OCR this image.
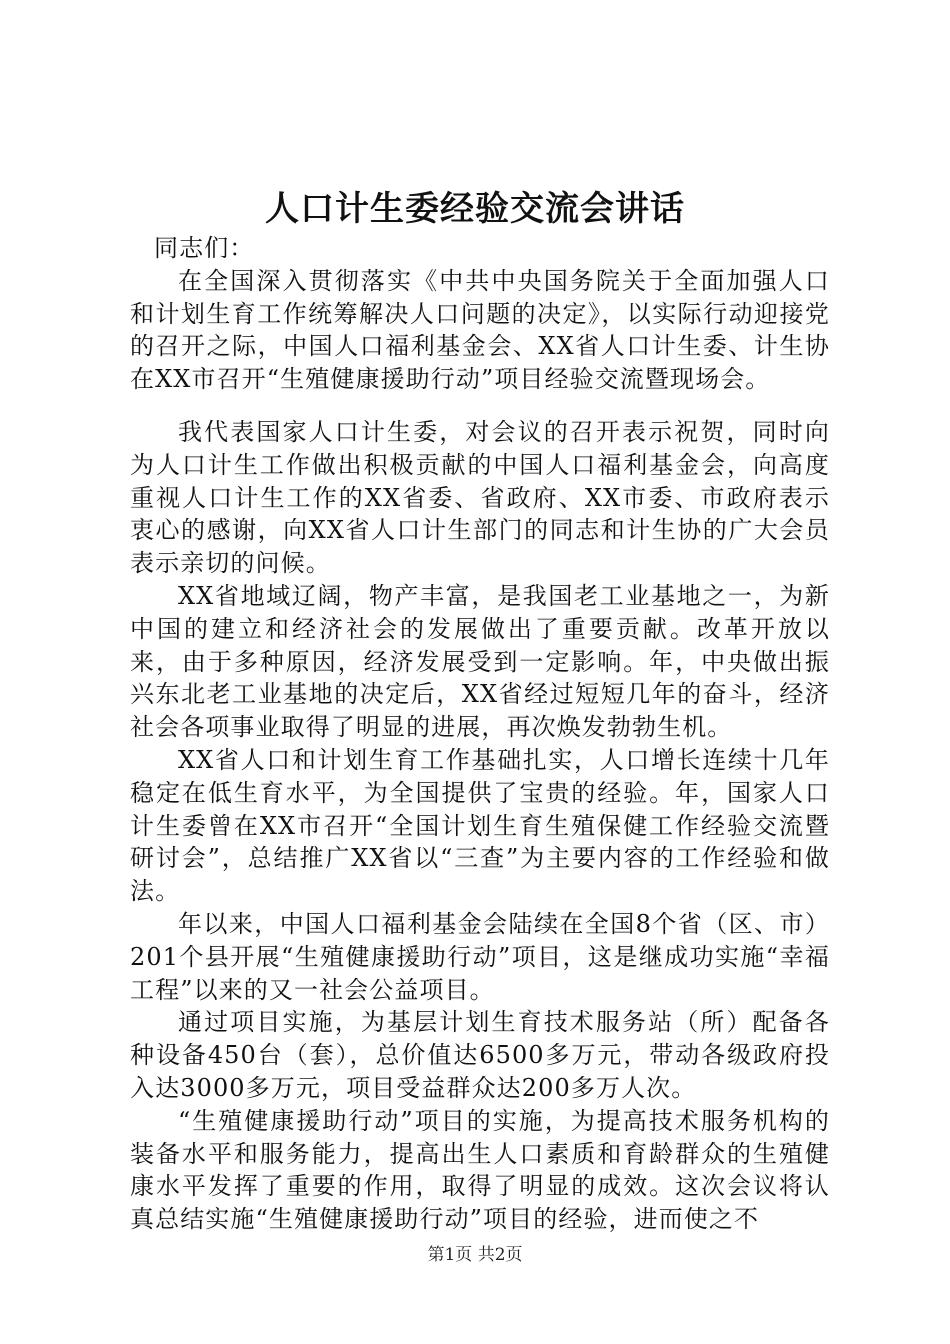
人口计生委经验交流会讲话

同志们：

在全国深入贯彻落实《中共中央国务院关于全面加强人口和计划生育工作统筹解决人口问题的决定》，以实际行动迎接党的召开之际，中国人口福利基金会、XX省人口计生委、计生协在XX市召开“生殖健康援助行动”项目经验交流暨现场会。

我代表国家人口计生委，对会议的召开表示祝贺，同时向为人口计生工作做出积极贡献的中国人口福利基金会，向高度重视人口计生工作的XX省委、省政府、XX市委、市政府表示衷心的感谢，向XX省人口计生部门的同志和计生协的广大会员表示亲切的问候。

XX省地域辽阔，物产丰富，是我国老工业基地之一，为新中国的建立和经济社会的发展做出了重要贡献。改革开放以来，由于多种原因，经济发展受到一定影响。年，中央做出振兴东北老工业基地的决定后，XX省经过短短几年的奋斗，经济社会各项事业取得了明显的进展，再次焕发勃勃生机。

XX省人口和计划生育工作基础扎实，人口增长连续十几年稳定在低生育水平，为全国提供了宝贵的经验。年，国家人口计生委曾在XX市召开“全国计划生育生殖保健工作经验交流暨研讨会”，总结推广XX省以“三查”为主要内容的工作经验和做法。

年以来，中国人口福利基金会陆续在全国8个省（区、市）201个县开展“生殖健康援助行动”项目，这是继成功实施“幸福工程”以来的又一社会公益项目。

通过项目实施，为基层计划生育技术服务站（所）配备各种设备450台（套），总价值达6500多万元，带动各级政府投入达3000多万元，项目受益群众达200多万人次。

“生殖健康援助行动”项目的实施，为提高技术服务机构的装备水平和服务能力，提高出生人口素质和育龄群众的生殖健康水平发挥了重要的作用，取得了明显的成效。这次会议将认真总结实施“生殖健康援助行动”项目的经验，进而使之不

第1页 共2页
